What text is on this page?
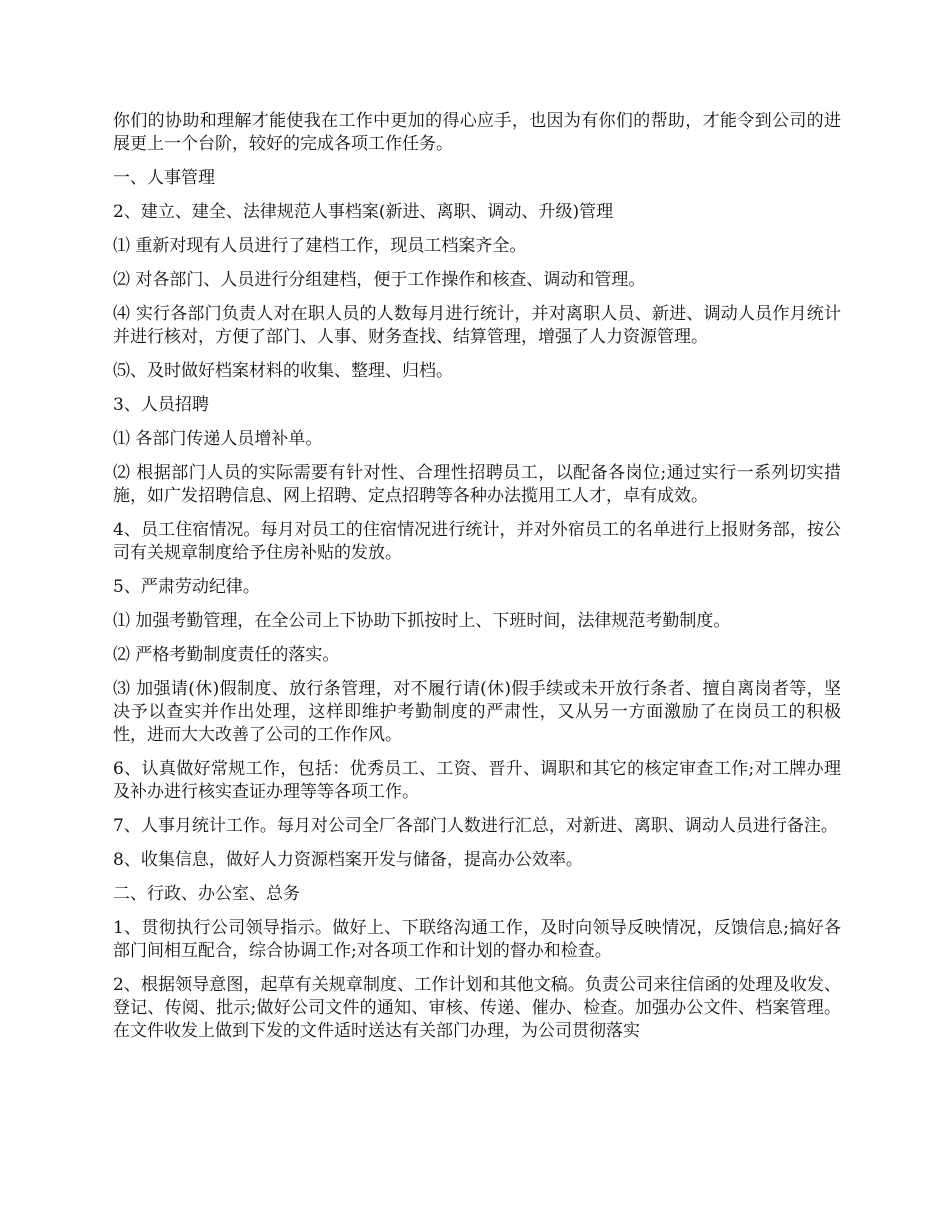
你们的协助和理解才能使我在工作中更加的得心应手，也因为有你们的帮助，才能令到公司的进展更上一个台阶，较好的完成各项工作任务。

一、人事管理

2、建立、建全、法律规范人事档案(新进、离职、调动、升级)管理

⑴ 重新对现有人员进行了建档工作，现员工档案齐全。

⑵ 对各部门、人员进行分组建档，便于工作操作和核查、调动和管理。

⑷ 实行各部门负责人对在职人员的人数每月进行统计，并对离职人员、新进、调动人员作月统计并进行核对，方便了部门、人事、财务查找、结算管理，增强了人力资源管理。

⑸、及时做好档案材料的收集、整理、归档。

3、人员招聘

⑴ 各部门传递人员增补单。

⑵ 根据部门人员的实际需要有针对性、合理性招聘员工，以配备各岗位;通过实行一系列切实措施，如广发招聘信息、网上招聘、定点招聘等各种办法揽用工人才，卓有成效。

4、员工住宿情况。每月对员工的住宿情况进行统计，并对外宿员工的名单进行上报财务部，按公司有关规章制度给予住房补贴的发放。

5、严肃劳动纪律。

⑴ 加强考勤管理，在全公司上下协助下抓按时上、下班时间，法律规范考勤制度。

⑵ 严格考勤制度责任的落实。

⑶ 加强请(休)假制度、放行条管理，对不履行请(休)假手续或未开放行条者、擅自离岗者等，坚决予以查实并作出处理，这样即维护考勤制度的严肃性，又从另一方面激励了在岗员工的积极性，进而大大改善了公司的工作作风。

6、认真做好常规工作，包括：优秀员工、工资、晋升、调职和其它的核定审查工作;对工牌办理及补办进行核实查证办理等等各项工作。

7、人事月统计工作。每月对公司全厂各部门人数进行汇总，对新进、离职、调动人员进行备注。

8、收集信息，做好人力资源档案开发与储备，提高办公效率。

二、行政、办公室、总务

1、贯彻执行公司领导指示。做好上、下联络沟通工作，及时向领导反映情况，反馈信息;搞好各部门间相互配合，综合协调工作;对各项工作和计划的督办和检查。

2、根据领导意图，起草有关规章制度、工作计划和其他文稿。负责公司来往信函的处理及收发、登记、传阅、批示;做好公司文件的通知、审核、传递、催办、检查。加强办公文件、档案管理。在文件收发上做到下发的文件适时送达有关部门办理，为公司贯彻落实
